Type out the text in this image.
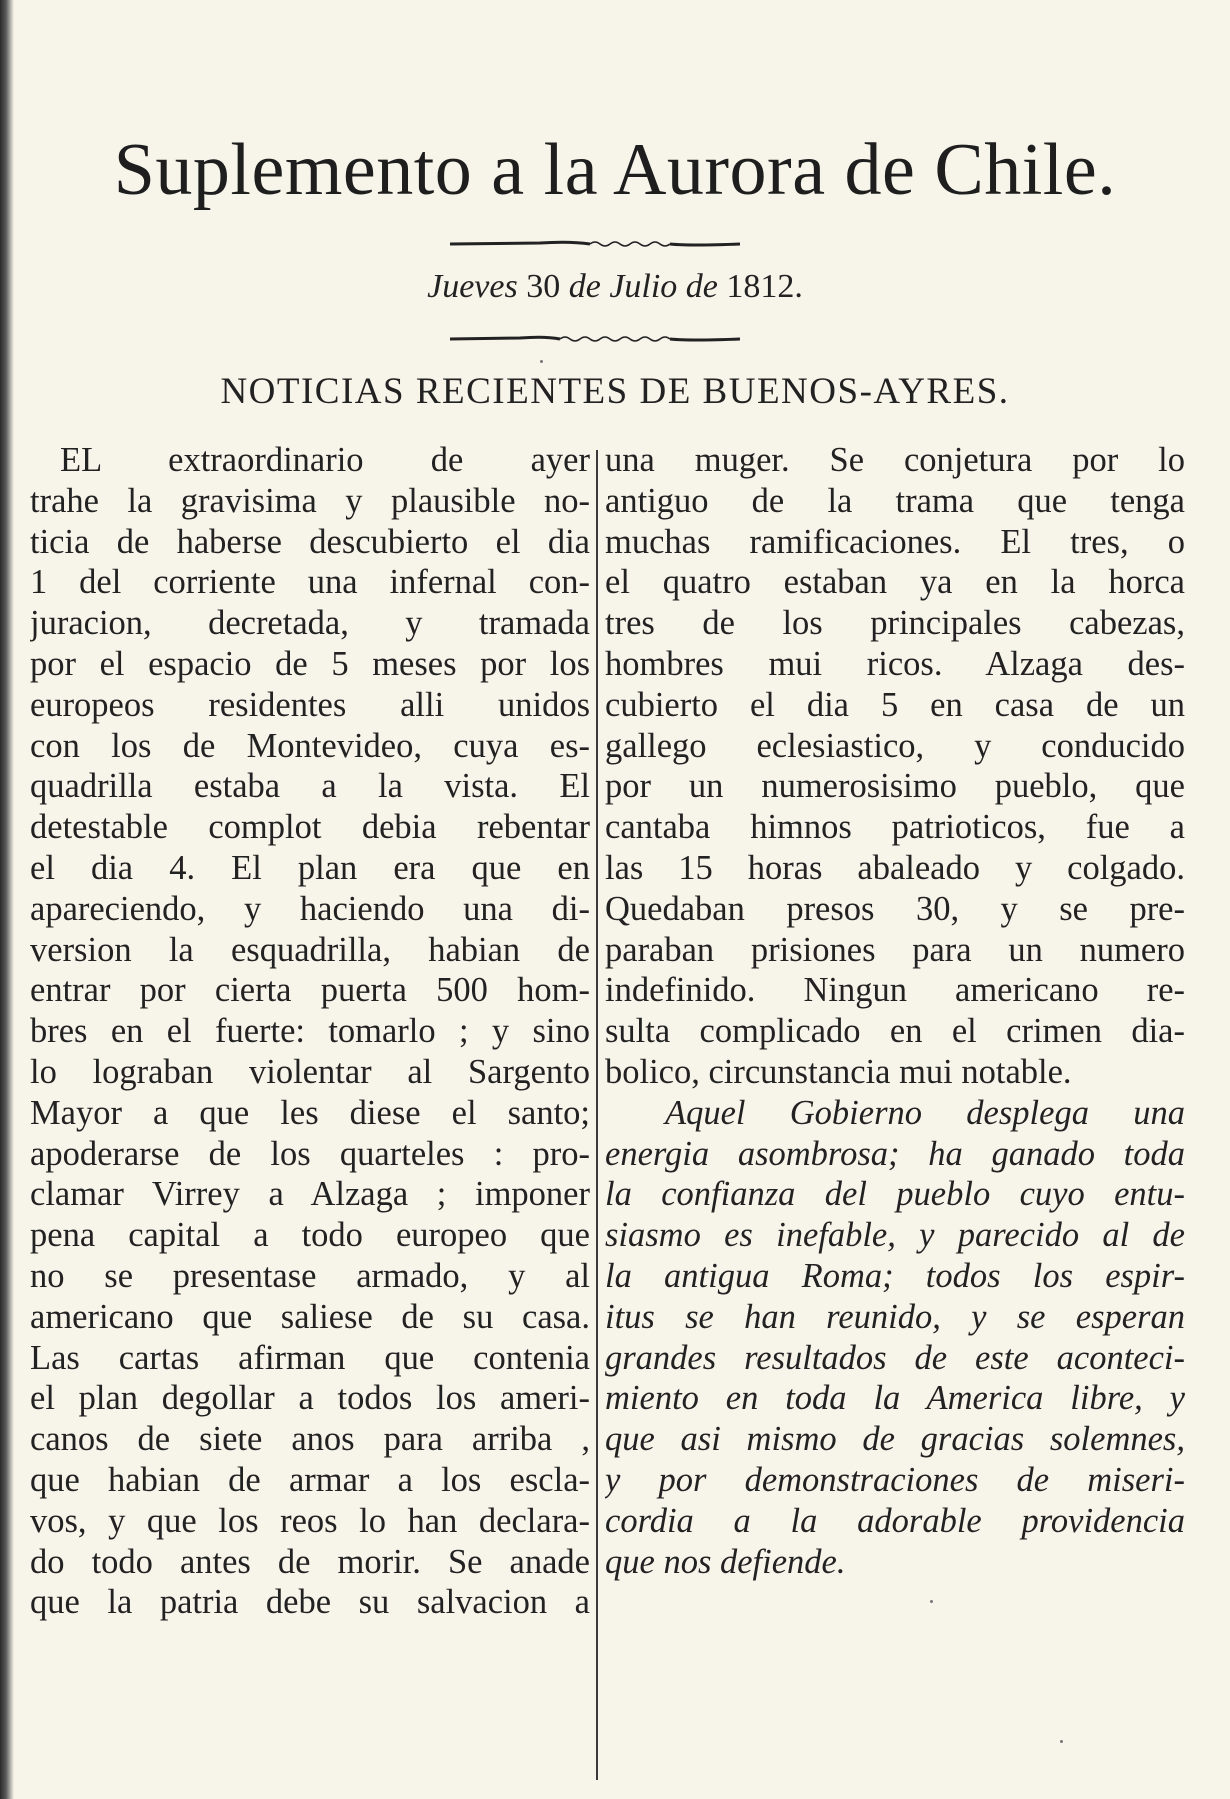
Suplemento a la Aurora de Chile.
Jueves 30 de Julio de 1812.
NOTICIAS RECIENTES DE BUENOS-AYRES.
EL extraordinario de ayer
trahe la gravisima y plausible no-
ticia de haberse descubierto el dia
1 del corriente una infernal con-
juracion, decretada, y tramada
por el espacio de 5 meses por los
europeos residentes alli unidos
con los de Montevideo, cuya es-
quadrilla estaba a la vista. El
detestable complot debia rebentar
el dia 4. El plan era que en
apareciendo, y haciendo una di-
version la esquadrilla, habian de
entrar por cierta puerta 500 hom-
bres en el fuerte: tomarlo ; y sino
lo lograban violentar al Sargento
Mayor a que les diese el santo;
apoderarse de los quarteles : pro-
clamar Virrey a Alzaga ; imponer
pena capital a todo europeo que
no se presentase armado, y al
americano que saliese de su casa.
Las cartas afirman que contenia
el plan degollar a todos los ameri-
canos de siete anos para arriba ,
que habian de armar a los escla-
vos, y que los reos lo han declara-
do todo antes de morir. Se anade
que la patria debe su salvacion a
una muger. Se conjetura por lo
antiguo de la trama que tenga
muchas ramificaciones. El tres, o
el quatro estaban ya en la horca
tres de los principales cabezas,
hombres mui ricos. Alzaga des-
cubierto el dia 5 en casa de un
gallego eclesiastico, y conducido
por un numerosisimo pueblo, que
cantaba himnos patrioticos, fue a
las 15 horas abaleado y colgado.
Quedaban presos 30, y se pre-
paraban prisiones para un numero
indefinido. Ningun americano re-
sulta complicado en el crimen dia-
bolico, circunstancia mui notable.
Aquel Gobierno desplega una
energia asombrosa; ha ganado toda
la confianza del pueblo cuyo entu-
siasmo es inefable, y parecido al de
la antigua Roma; todos los espir-
itus se han reunido, y se esperan
grandes resultados de este aconteci-
miento en toda la America libre, y
que asi mismo de gracias solemnes,
y por demonstraciones de miseri-
cordia a la adorable providencia
que nos defiende.
